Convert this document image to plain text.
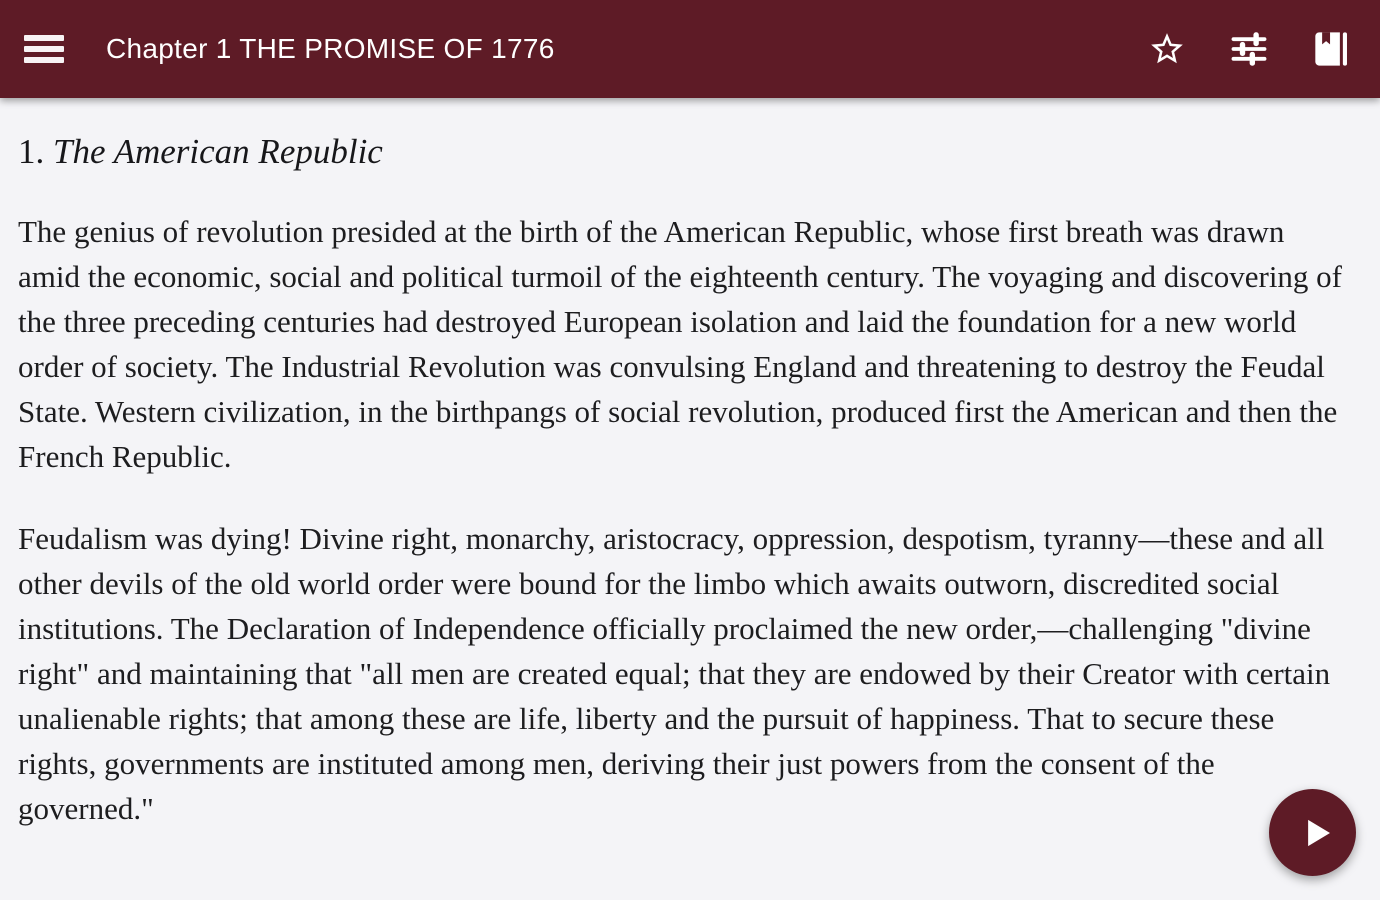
Chapter 1 THE PROMISE OF 1776
1. The American Republic

The genius of revolution presided at the birth of the American Republic, whose first breath was drawn amid the economic, social and political turmoil of the eighteenth century. The voyaging and discovering of the three preceding centuries had destroyed European isolation and laid the foundation for a new world order of society. The Industrial Revolution was convulsing England and threatening to destroy the Feudal State. Western civilization, in the birthpangs of social revolution, produced first the American and then the French Republic.

Feudalism was dying! Divine right, monarchy, aristocracy, oppression, despotism, tyranny—these and all other devils of the old world order were bound for the limbo which awaits outworn, discredited social institutions. The Declaration of Independence officially proclaimed the new order,—challenging "divine right" and maintaining that "all men are created equal; that they are endowed by their Creator with certain unalienable rights; that among these are life, liberty and the pursuit of happiness. That to secure these rights, governments are instituted among men, deriving their just powers from the consent of the governed."
